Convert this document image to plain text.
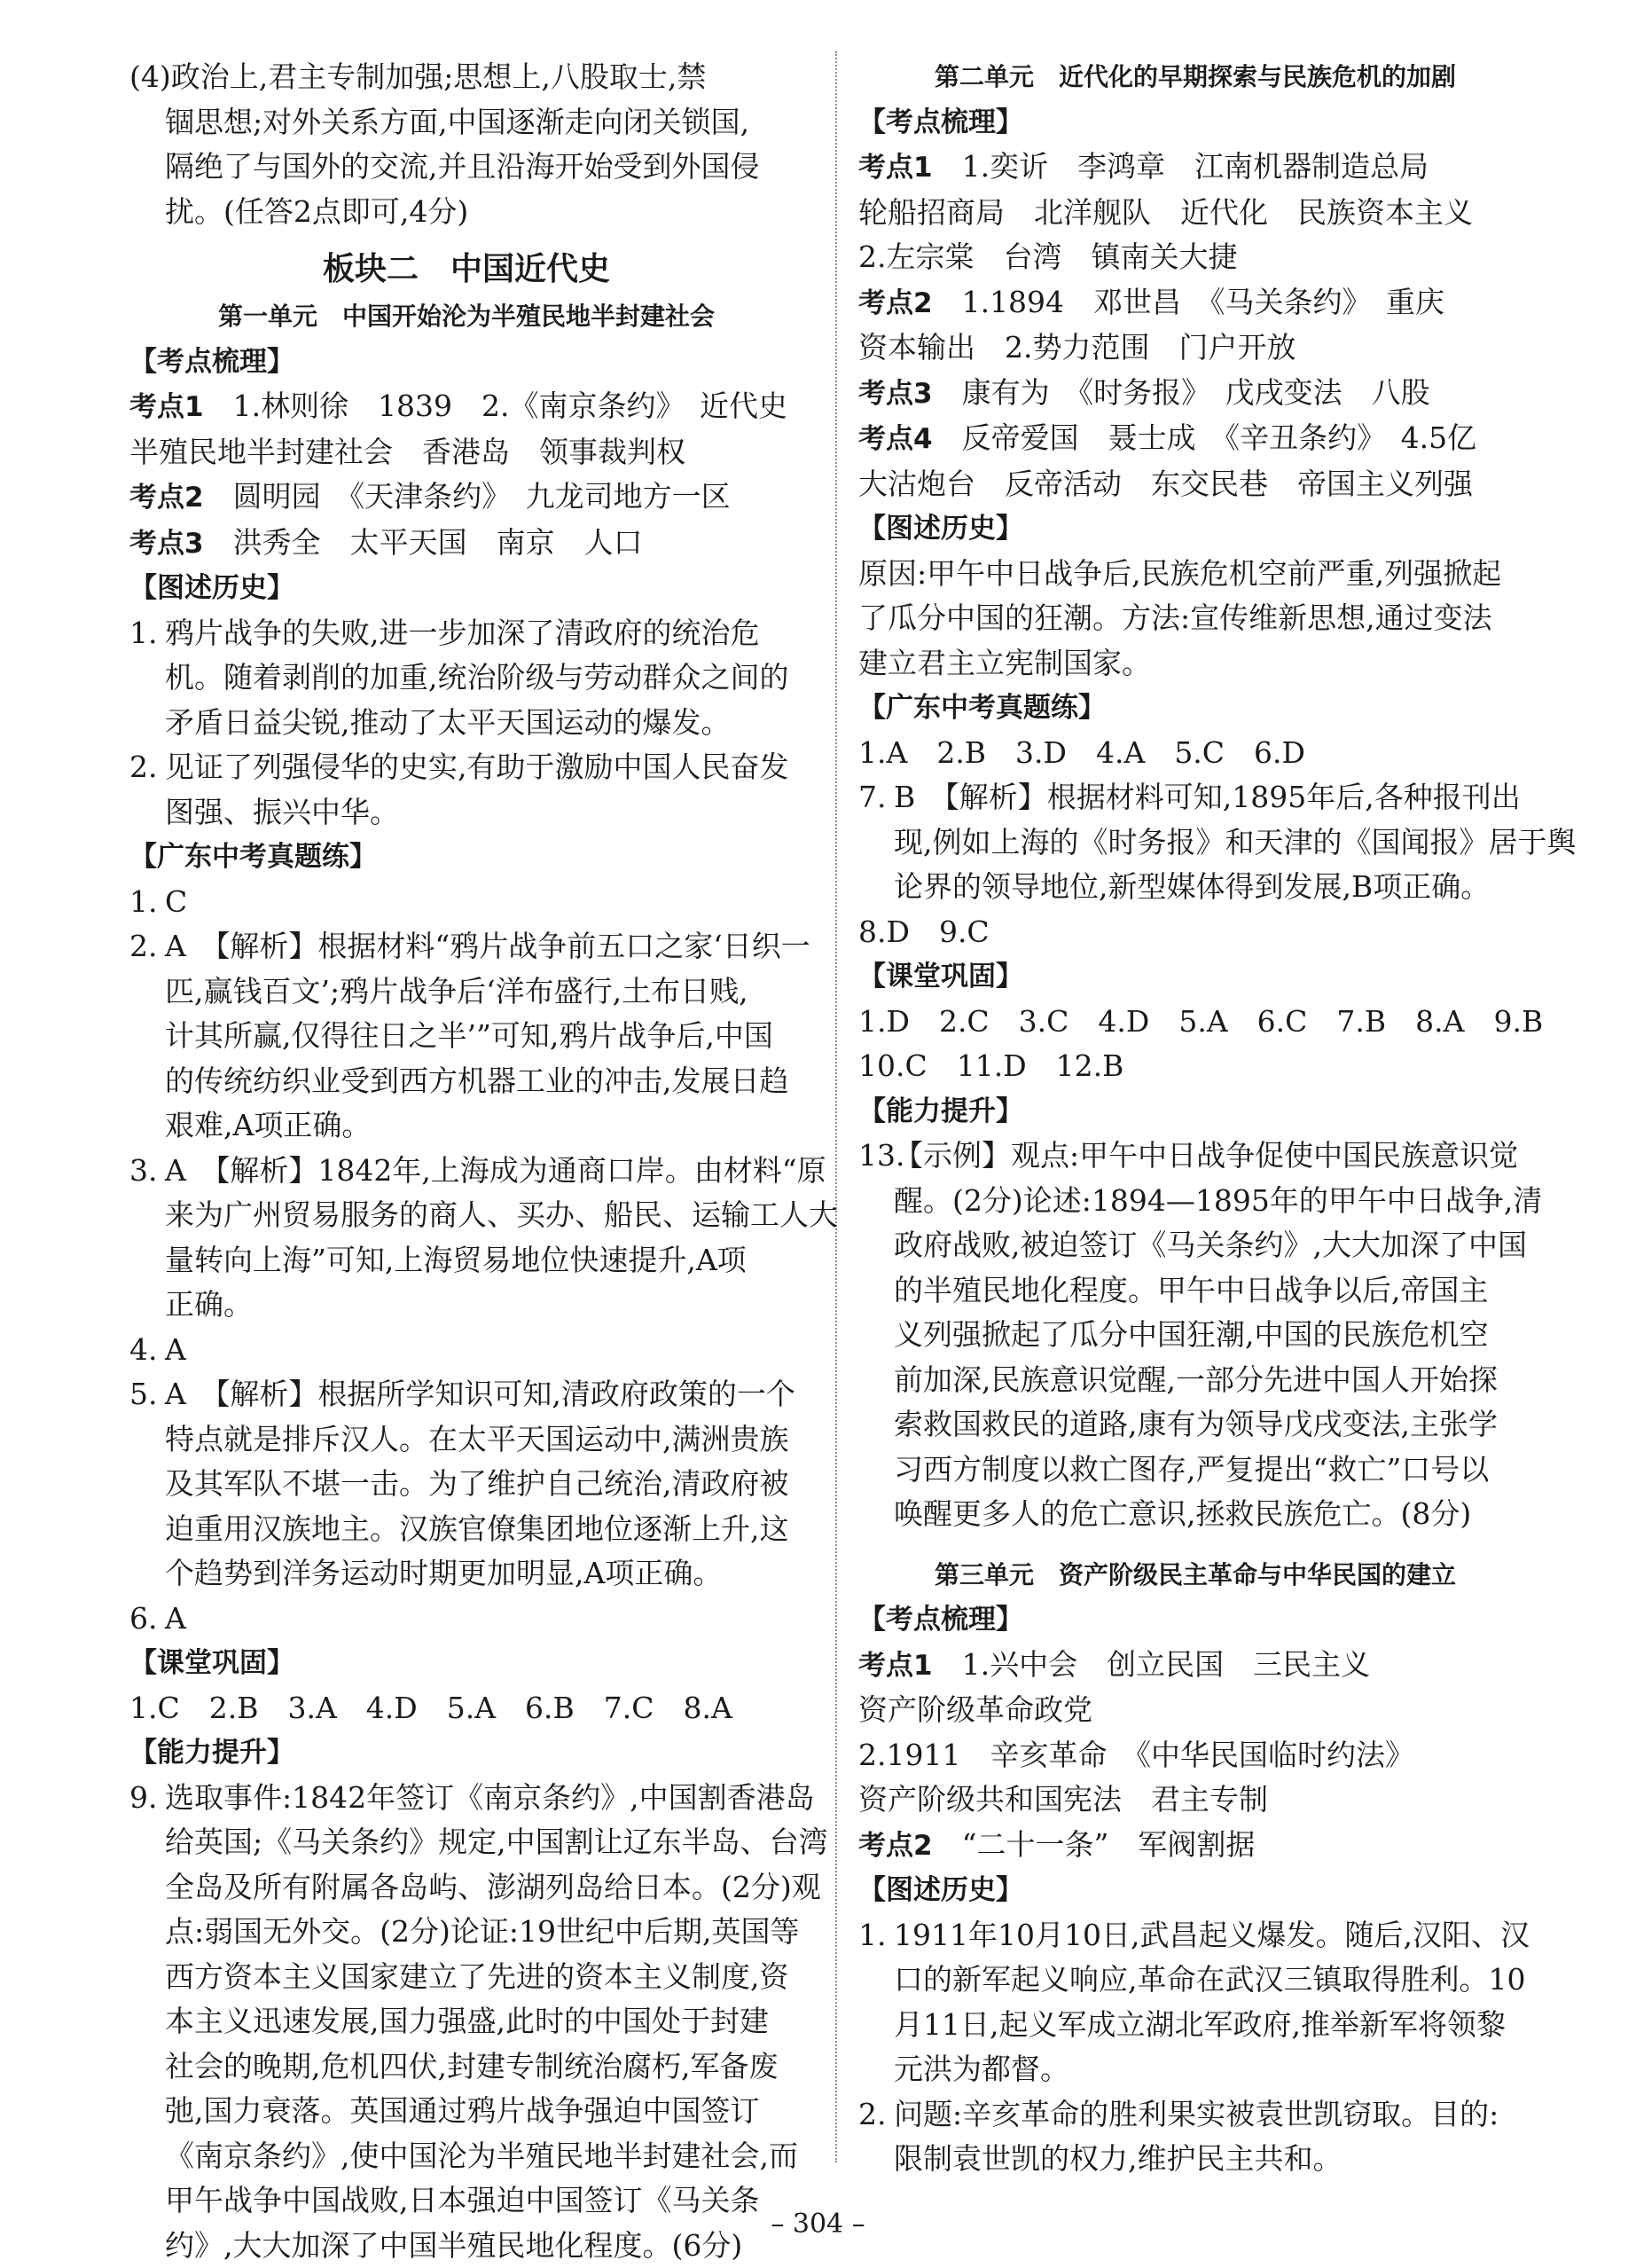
(4)政治上,君主专制加强;思想上,八股取士,禁
锢思想;对外关系方面,中国逐渐走向闭关锁国,
隔绝了与国外的交流,并且沿海开始受到外国侵
扰。(任答2点即可,4分)
板块二　中国近代史
第一单元　中国开始沦为半殖民地半封建社会
【考点梳理】
考点1　 1.林则徐　1839　2.《南京条约》　近代史
半殖民地半封建社会　香港岛　领事裁判权
考点2　 圆明园　《天津条约》　九龙司地方一区
考点3　 洪秀全　太平天国　南京　人口
【图述历史】
1. 鸦片战争的失败,进一步加深了清政府的统治危
机。随着剥削的加重,统治阶级与劳动群众之间的
矛盾日益尖锐,推动了太平天国运动的爆发。
2. 见证了列强侵华的史实,有助于激励中国人民奋发
图强、振兴中华。
【广东中考真题练】
1. C
2. A　【解析】根据材料“鸦片战争前五口之家‘日织一
匹,赢钱百文’;鸦片战争后‘洋布盛行,土布日贱,
计其所赢,仅得往日之半’”可知,鸦片战争后,中国
的传统纺织业受到西方机器工业的冲击,发展日趋
艰难,A项正确。
3. A　【解析】1842年,上海成为通商口岸。由材料“原
来为广州贸易服务的商人、买办、船民、运输工人大
量转向上海”可知,上海贸易地位快速提升,A项
正确。
4. A
5. A　【解析】根据所学知识可知,清政府政策的一个
特点就是排斥汉人。在太平天国运动中,满洲贵族
及其军队不堪一击。为了维护自己统治,清政府被
迫重用汉族地主。汉族官僚集团地位逐渐上升,这
个趋势到洋务运动时期更加明显,A项正确。
6. A
【课堂巩固】
1.C　2.B　3.A　4.D　5.A　6.B　7.C　8.A
【能力提升】
9. 选取事件:1842年签订《南京条约》,中国割香港岛
给英国;《马关条约》规定,中国割让辽东半岛、台湾
全岛及所有附属各岛屿、澎湖列岛给日本。(2分)观
点:弱国无外交。(2分)论证:19世纪中后期,英国等
西方资本主义国家建立了先进的资本主义制度,资
本主义迅速发展,国力强盛,此时的中国处于封建
社会的晚期,危机四伏,封建专制统治腐朽,军备废
弛,国力衰落。英国通过鸦片战争强迫中国签订
《南京条约》,使中国沦为半殖民地半封建社会,而
甲午战争中国战败,日本强迫中国签订《马关条
约》,大大加深了中国半殖民地化程度。(6分)
第二单元　近代化的早期探索与民族危机的加剧
【考点梳理】
考点1　 1.奕䜣　李鸿章　江南机器制造总局
轮船招商局　北洋舰队　近代化　民族资本主义
2.左宗棠　台湾　镇南关大捷
考点2　 1.1894　邓世昌　《马关条约》　重庆
资本输出　2.势力范围　门户开放
考点3　 康有为　《时务报》　戊戌变法　八股
考点4　 反帝爱国　聂士成　《辛丑条约》　4.5亿
大沽炮台　反帝活动　东交民巷　帝国主义列强
【图述历史】
原因:甲午中日战争后,民族危机空前严重,列强掀起
了瓜分中国的狂潮。方法:宣传维新思想,通过变法
建立君主立宪制国家。
【广东中考真题练】
1.A　2.B　3.D　4.A　5.C　6.D
7. B　【解析】根据材料可知,1895年后,各种报刊出
现,例如上海的《时务报》和天津的《国闻报》居于舆
论界的领导地位,新型媒体得到发展,B项正确。
8.D　9.C
【课堂巩固】
1.D　2.C　3.C　4.D　5.A　6.C　7.B　8.A　9.B
10.C　11.D　12.B
【能力提升】
13.【示例】观点:甲午中日战争促使中国民族意识觉
醒。(2分)论述:1894—1895年的甲午中日战争,清
政府战败,被迫签订《马关条约》,大大加深了中国
的半殖民地化程度。甲午中日战争以后,帝国主
义列强掀起了瓜分中国狂潮,中国的民族危机空
前加深,民族意识觉醒,一部分先进中国人开始探
索救国救民的道路,康有为领导戊戌变法,主张学
习西方制度以救亡图存,严复提出“救亡”口号以
唤醒更多人的危亡意识,拯救民族危亡。(8分)
第三单元　资产阶级民主革命与中华民国的建立
【考点梳理】
考点1　 1.兴中会　创立民国　三民主义
资产阶级革命政党
2.1911　辛亥革命　《中华民国临时约法》
资产阶级共和国宪法　君主专制
考点2　 “二十一条”　军阀割据
【图述历史】
1. 1911年10月10日,武昌起义爆发。随后,汉阳、汉
口的新军起义响应,革命在武汉三镇取得胜利。10
月11日,起义军成立湖北军政府,推举新军将领黎
元洪为都督。
2. 问题:辛亥革命的胜利果实被袁世凯窃取。目的:
限制袁世凯的权力,维护民主共和。
– 304 –
